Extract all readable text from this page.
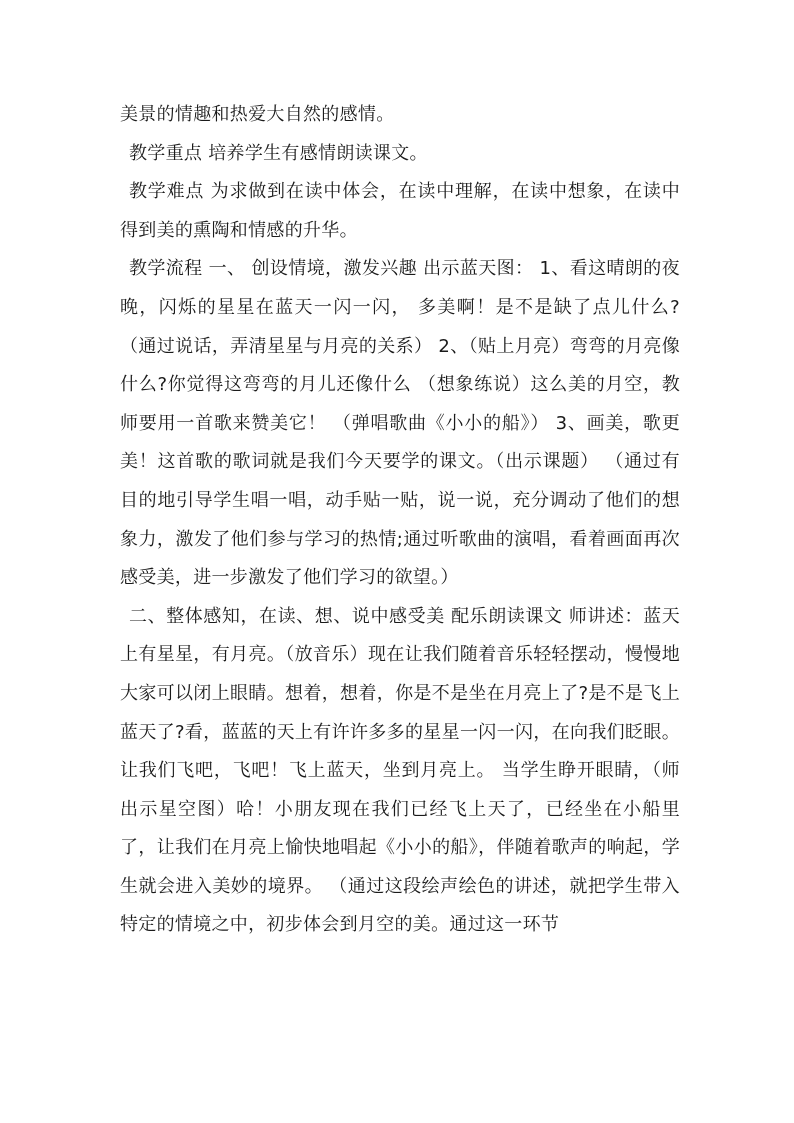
美景的情趣和热爱大自然的感情。

教学重点 培养学生有感情朗读课文。

教学难点 为求做到在读中体会，在读中理解，在读中想象，在读中得到美的熏陶和情感的升华。

教学流程 一、 创设情境，激发兴趣 出示蓝天图： 1、看这晴朗的夜晚，闪烁的星星在蓝天一闪一闪， 多美啊！是不是缺了点儿什么?（通过说话，弄清星星与月亮的关系） 2、（贴上月亮）弯弯的月亮像什么?你觉得这弯弯的月儿还像什么 （想象练说）这么美的月空，教师要用一首歌来赞美它！ （弹唱歌曲《小小的船》） 3、画美，歌更美！这首歌的歌词就是我们今天要学的课文。（出示课题） （通过有目的地引导学生唱一唱，动手贴一贴，说一说，充分调动了他们的想象力，激发了他们参与学习的热情;通过听歌曲的演唱，看着画面再次感受美，进一步激发了他们学习的欲望。）

二、整体感知，在读、想、说中感受美 配乐朗读课文 师讲述：蓝天上有星星，有月亮。（放音乐）现在让我们随着音乐轻轻摆动，慢慢地大家可以闭上眼睛。想着，想着，你是不是坐在月亮上了?是不是飞上蓝天了?看，蓝蓝的天上有许许多多的星星一闪一闪，在向我们眨眼。让我们飞吧，飞吧！飞上蓝天，坐到月亮上。 当学生睁开眼睛，（师出示星空图）哈！小朋友现在我们已经飞上天了，已经坐在小船里了，让我们在月亮上愉快地唱起《小小的船》，伴随着歌声的响起，学生就会进入美妙的境界。 （通过这段绘声绘色的讲述，就把学生带入特定的情境之中，初步体会到月空的美。通过这一环节
